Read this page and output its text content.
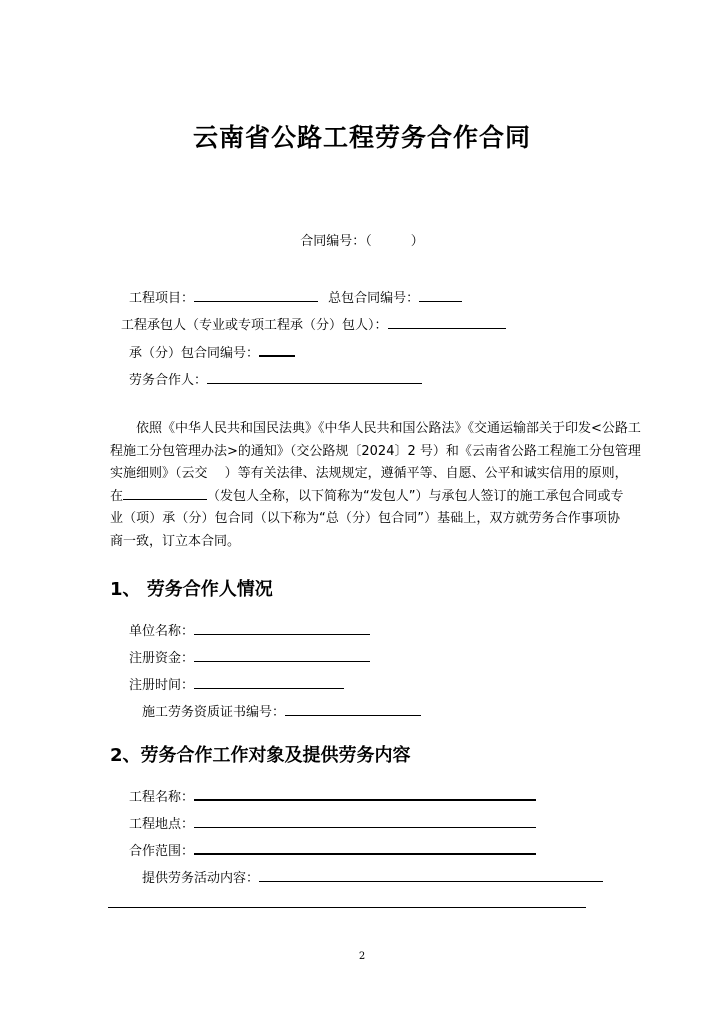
云南省公路工程劳务合作合同
合同编号：（　　　）
工程项目：	总包合同编号：
工程承包人（专业或专项工程承（分）包人）：
承（分）包合同编号：
劳务合作人：
依照《中华人民共和国民法典》《中华人民共和国公路法》《交通运输部关于印发<公路工
程施工分包管理办法>的通知》（交公路规〔2024〕2 号）和《云南省公路工程施工分包管理
实施细则》（云交　 ）等有关法律、法规规定，遵循平等、自愿、公平和诚实信用的原则，
在	（发包人全称，以下简称为“发包人”）与承包人签订的施工承包合同或专
业（项）承（分）包合同（以下称为“总（分）包合同”）基础上，双方就劳务合作事项协
商一致，订立本合同。
1、 劳务合作人情况
单位名称：
注册资金：
注册时间：
施工劳务资质证书编号：
2、劳务合作工作对象及提供劳务内容
工程名称：
工程地点：
合作范围：
提供劳务活动内容：
2
